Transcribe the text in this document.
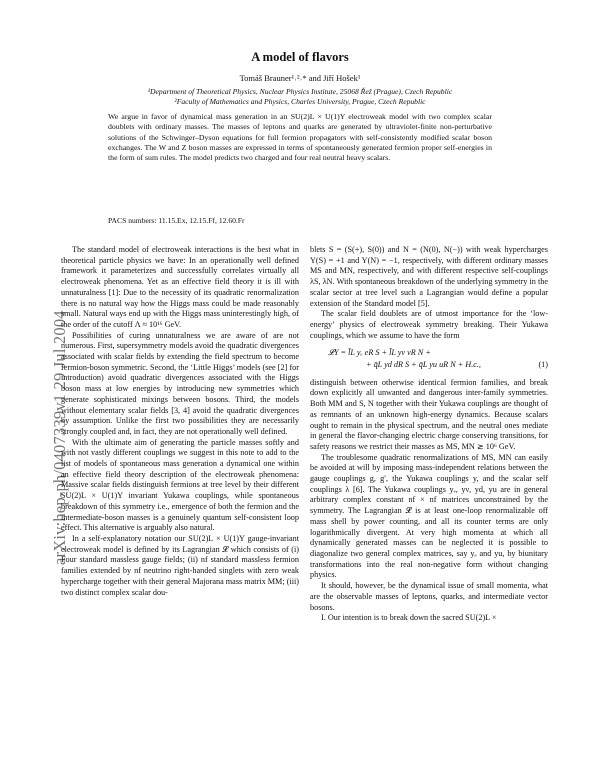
arXiv:hep-ph/0407339v1 29 Jul 2004
A model of flavors
Tomáš Brauner¹˒²˒* and Jiří Hošek¹
¹Department of Theoretical Physics, Nuclear Physics Institute, 25068 Řež (Prague), Czech Republic
²Faculty of Mathematics and Physics, Charles University, Prague, Czech Republic
We argue in favor of dynamical mass generation in an SU(2)L × U(1)Y electroweak model with two complex scalar doublets with ordinary masses. The masses of leptons and quarks are generated by ultraviolet-finite non-perturbative solutions of the Schwinger–Dyson equations for full fermion propagators with self-consistently modified scalar boson exchanges. The W and Z boson masses are expressed in terms of spontaneously generated fermion proper self-energies in the form of sum rules. The model predicts two charged and four real neutral heavy scalars.
PACS numbers: 11.15.Ex, 12.15.Ff, 12.60.Fr

The standard model of electroweak interactions is the best what in theoretical particle physics we have: In an operationally well defined framework it parameterizes and successfully correlates virtually all electroweak phenomena. Yet as an effective field theory it is ill with unnaturalness [1]: Due to the necessity of its quadratic renormalization there is no natural way how the Higgs mass could be made reasonably small. Natural ways end up with the Higgs mass uninterestingly high, of the order of the cutoff Λ ≈ 10¹⁶ GeV.

Possibilities of curing unnaturalness we are aware of are not numerous. First, supersymmetry models avoid the quadratic divergences associated with scalar fields by extending the field spectrum to become fermion-boson symmetric. Second, the ‘Little Higgs’ models (see [2] for introduction) avoid quadratic divergences associated with the Higgs boson mass at low energies by introducing new symmetries which generate sophisticated mixings between bosons. Third, the models without elementary scalar fields [3, 4] avoid the quadratic divergences by assumption. Unlike the first two possibilities they are necessarily strongly coupled and, in fact, they are not operationally well defined.

With the ultimate aim of generating the particle masses softly and with not vastly different couplings we suggest in this note to add to the list of models of spontaneous mass generation a dynamical one within an effective field theory description of the electroweak phenomena: Massive scalar fields distinguish fermions at tree level by their different SU(2)L × U(1)Y invariant Yukawa couplings, while spontaneous breakdown of this symmetry i.e., emergence of both the fermion and the intermediate-boson masses is a genuinely quantum self-consistent loop effect. This alternative is arguably also natural.

In a self-explanatory notation our SU(2)L × U(1)Y gauge-invariant electroweak model is defined by its Lagrangian 𝓛 which consists of (i) Four standard massless gauge fields; (ii) nf standard massless fermion families extended by nf neutrino right-handed singlets with zero weak hypercharge together with their general Majorana mass matrix MM; (iii) two distinct complex scalar dou-

blets S = (S(+), S(0)) and N = (N(0), N(−)) with weak hypercharges Y(S) = +1 and Y(N) = −1, respectively, with different ordinary masses MS and MN, respectively, and with different respective self-couplings λS, λN. With spontaneous breakdown of the underlying symmetry in the scalar sector at tree level such a Lagrangian would define a popular extension of the Standard model [5].

The scalar field doublets are of utmost importance for the ‘low-energy’ physics of electroweak symmetry breaking. Their Yukawa couplings, which we assume to have the form

𝓛Y = l̄L yₑ eR S + l̄L yν νR N +
+ q̄L yd dR S + q̄L yu uR N + H.c.,	(1)

distinguish between otherwise identical fermion families, and break down explicitly all unwanted and dangerous inter-family symmetries. Both MM and S, N together with their Yukawa couplings are thought of as remnants of an unknown high-energy dynamics. Because scalars ought to remain in the physical spectrum, and the neutral ones mediate in general the flavor-changing electric charge conserving transitions, for safety reasons we restrict their masses as MS, MN ≳ 10⁶ GeV.

The troublesome quadratic renormalizations of MS, MN can easily be avoided at will by imposing mass-independent relations between the gauge couplings g, g′, the Yukawa couplings y, and the scalar self couplings λ [6]. The Yukawa couplings yₑ, yν, yd, yu are in general arbitrary complex constant nf × nf matrices unconstrained by the symmetry. The Lagrangian 𝓛 is at least one-loop renormalizable off mass shell by power counting, and all its counter terms are only logarithmically divergent. At very high momenta at which all dynamically generated masses can be neglected it is possible to diagonalize two general complex matrices, say yₑ and yu, by biunitary transformations into the real non-negative form without changing physics.

It should, however, be the dynamical issue of small momenta, what are the observable masses of leptons, quarks, and intermediate vector bosons.

I. Our intention is to break down the sacred SU(2)L ×
